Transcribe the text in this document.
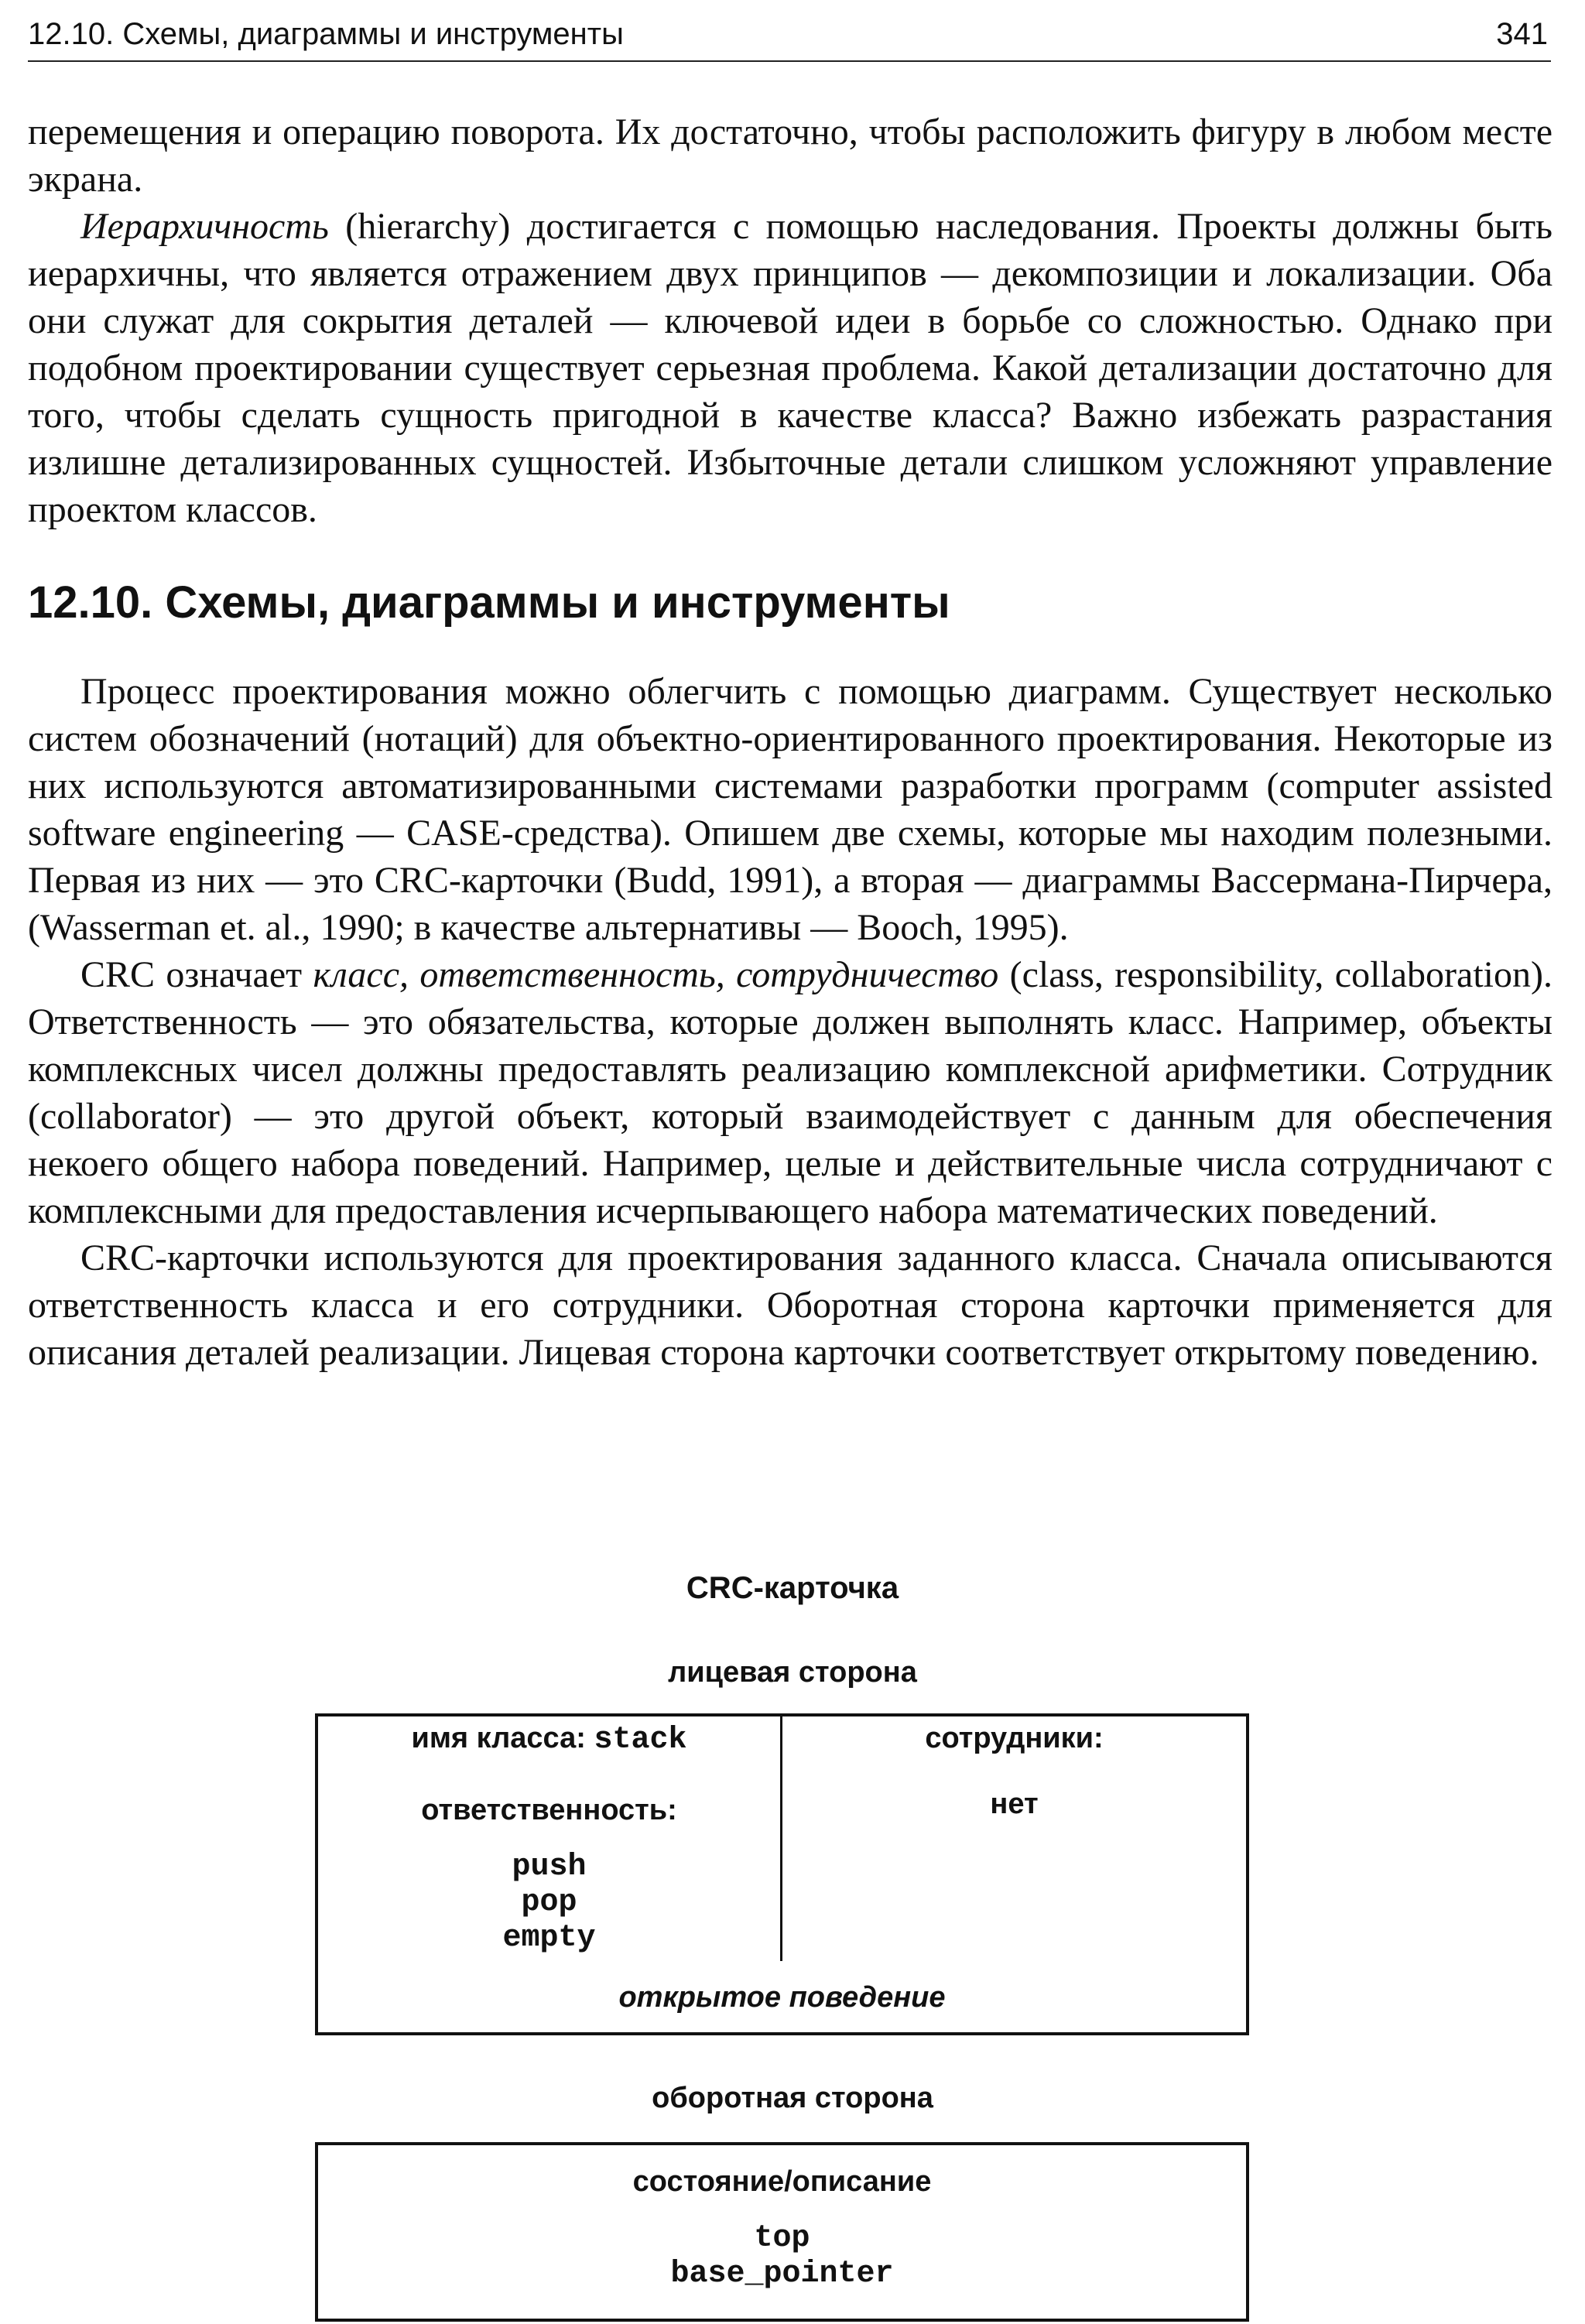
12.10. Схемы, диаграммы и инструменты	341

перемещения и операцию поворота. Их достаточно, чтобы расположить фигуру в любом месте экрана.

Иерархичность (hierarchy) достигается с помощью наследования. Проекты должны быть иерархичны, что является отражением двух принципов — декомпозиции и локализации. Оба они служат для сокрытия деталей — ключевой идеи в борьбе со сложностью. Однако при подобном проектировании существует серьезная проблема. Какой детализации достаточно для того, чтобы сделать сущность пригодной в качестве класса? Важно избежать разрастания излишне детализированных сущностей. Избыточные детали слишком усложняют управление проектом классов.

12.10. Схемы, диаграммы и инструменты

Процесс проектирования можно облегчить с помощью диаграмм. Существует несколько систем обозначений (нотаций) для объектно-ориентированного проектирования. Некоторые из них используются автоматизированными системами разработки программ (computer assisted software engineering — CASE-средства). Опишем две схемы, которые мы находим полезными. Первая из них — это CRC-карточки (Budd, 1991), а вторая — диаграммы Вассермана-Пирчера, (Wasserman et. al., 1990; в качестве альтернативы — Booch, 1995).

CRC означает класс, ответственность, сотрудничество (class, responsibility, collaboration). Ответственность — это обязательства, которые должен выполнять класс. Например, объекты комплексных чисел должны предоставлять реализацию комплексной арифметики. Сотрудник (collaborator) — это другой объект, который взаимодействует с данным для обеспечения некоего общего набора поведений. Например, целые и действительные числа сотрудничают с комплексными для предоставления исчерпывающего набора математических поведений.

CRC-карточки используются для проектирования заданного класса. Сначала описываются ответственность класса и его сотрудники. Оборотная сторона карточки применяется для описания деталей реализации. Лицевая сторона карточки соответствует открытому поведению.

CRC-карточка
лицевая сторона
имя класса: stack
ответственность:
push
pop
empty
сотрудники:
нет
открытое поведение
оборотная сторона
состояние/описание
top
base_pointer
